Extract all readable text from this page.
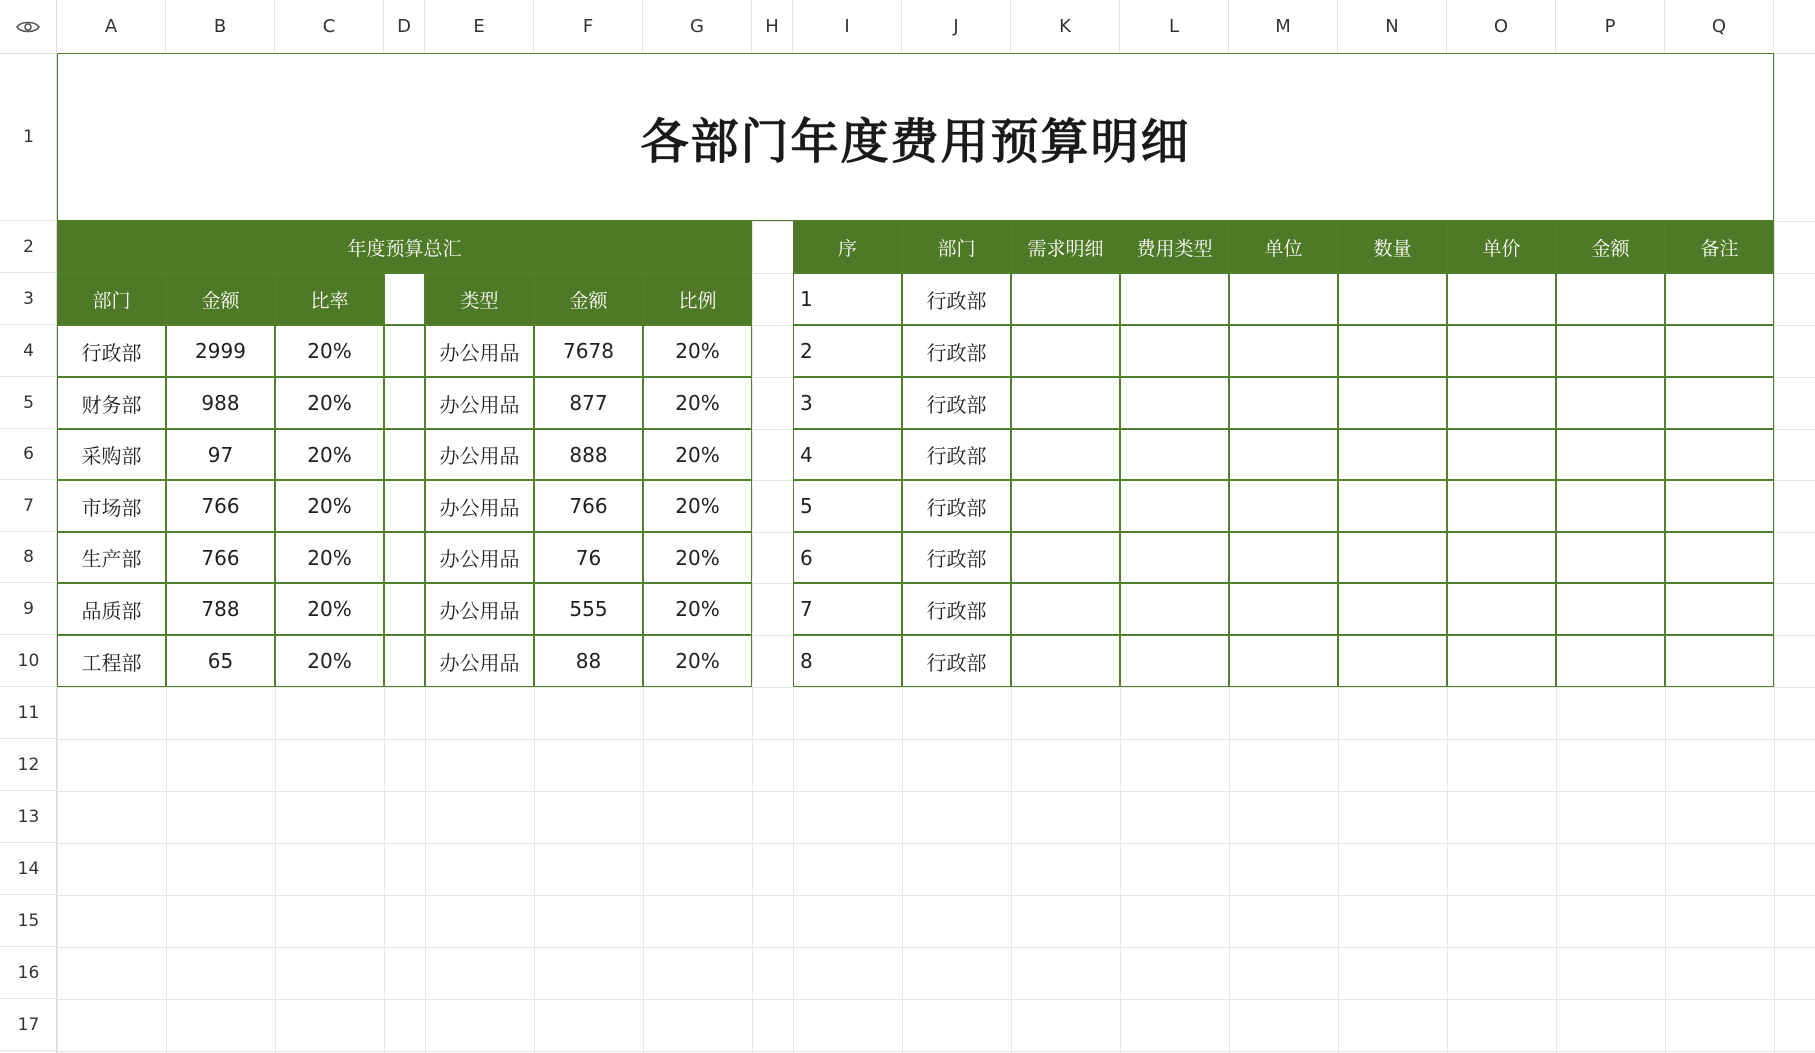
A	B	C	D	E	F	G	H	I	J	K	L	M	N	O	P	Q
1
2
3
4
5
6
7
8
9
10
11
12
13
14
15
16
17
各部门年度费用预算明细
年度预算总汇
部门	金额	比率	类型	金额	比例
行政部	2999	20%	办公用品	7678	20%
财务部	988	20%	办公用品	877	20%
采购部	97	20%	办公用品	888	20%
市场部	766	20%	办公用品	766	20%
生产部	766	20%	办公用品	76	20%
品质部	788	20%	办公用品	555	20%
工程部	65	20%	办公用品	88	20%
序	部门	需求明细	费用类型	单位	数量	单价	金额	备注
1	行政部
2	行政部
3	行政部
4	行政部
5	行政部
6	行政部
7	行政部
8	行政部
